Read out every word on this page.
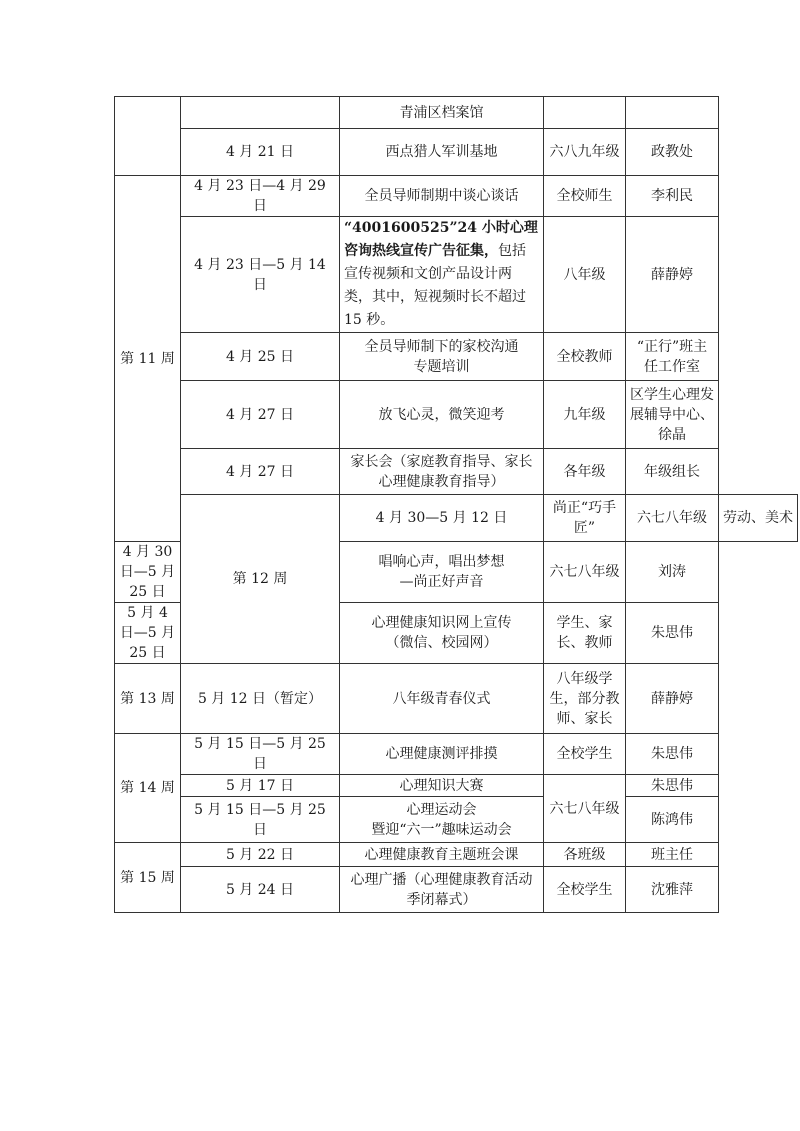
		青浦区档案馆			

	4 月 21 日	西点猎人军训基地	六八九年级	政教处	
第 11 周	4 月 23 日—4 月 29 日	全员导师制期中谈心谈话	全校师生	李利民	
	4 月 23 日—5 月 14 日	“4001600525”24 小时心理咨询热线宣传广告征集，包括宣传视频和文创产品设计两类，其中，短视频时长不超过 15 秒。	八年级	薛静婷	
	4 月 25 日	全员导师制下的家校沟通
专题培训	全校教师	“正行”班主任工作室	
	4 月 27 日	放飞心灵，微笑迎考	九年级	区学生心理发展辅导中心、徐晶	
	4 月 27 日	家长会（家庭教育指导、家长
心理健康教育指导）	各年级	年级组长	
	第 12 周	4 月 30—5 月 12 日	尚正“巧手匠”	六七八年级	劳动、美术
4 月 30 日—5 月 25 日		唱响心声，唱出梦想
—尚正好声音	六七八年级	刘涛	
5 月 4 日—5 月 25 日		心理健康知识网上宣传
（微信、校园网）	学生、家长、教师	朱思伟	
第 13 周	5 月 12 日（暂定）	八年级青春仪式	八年级学生，部分教师、家长	薛静婷	
第 14 周	5 月 15 日—5 月 25 日	心理健康测评排摸	全校学生	朱思伟	
	5 月 17 日	心理知识大赛	六七八年级	朱思伟	
	5 月 15 日—5 月 25 日	心理运动会
暨迎“六一”趣味运动会		陈鸿伟	
第 15 周	5 月 22 日	心理健康教育主题班会课	各班级	班主任	
	5 月 24 日	心理广播（心理健康教育活动
季闭幕式）	全校学生	沈雅萍	
